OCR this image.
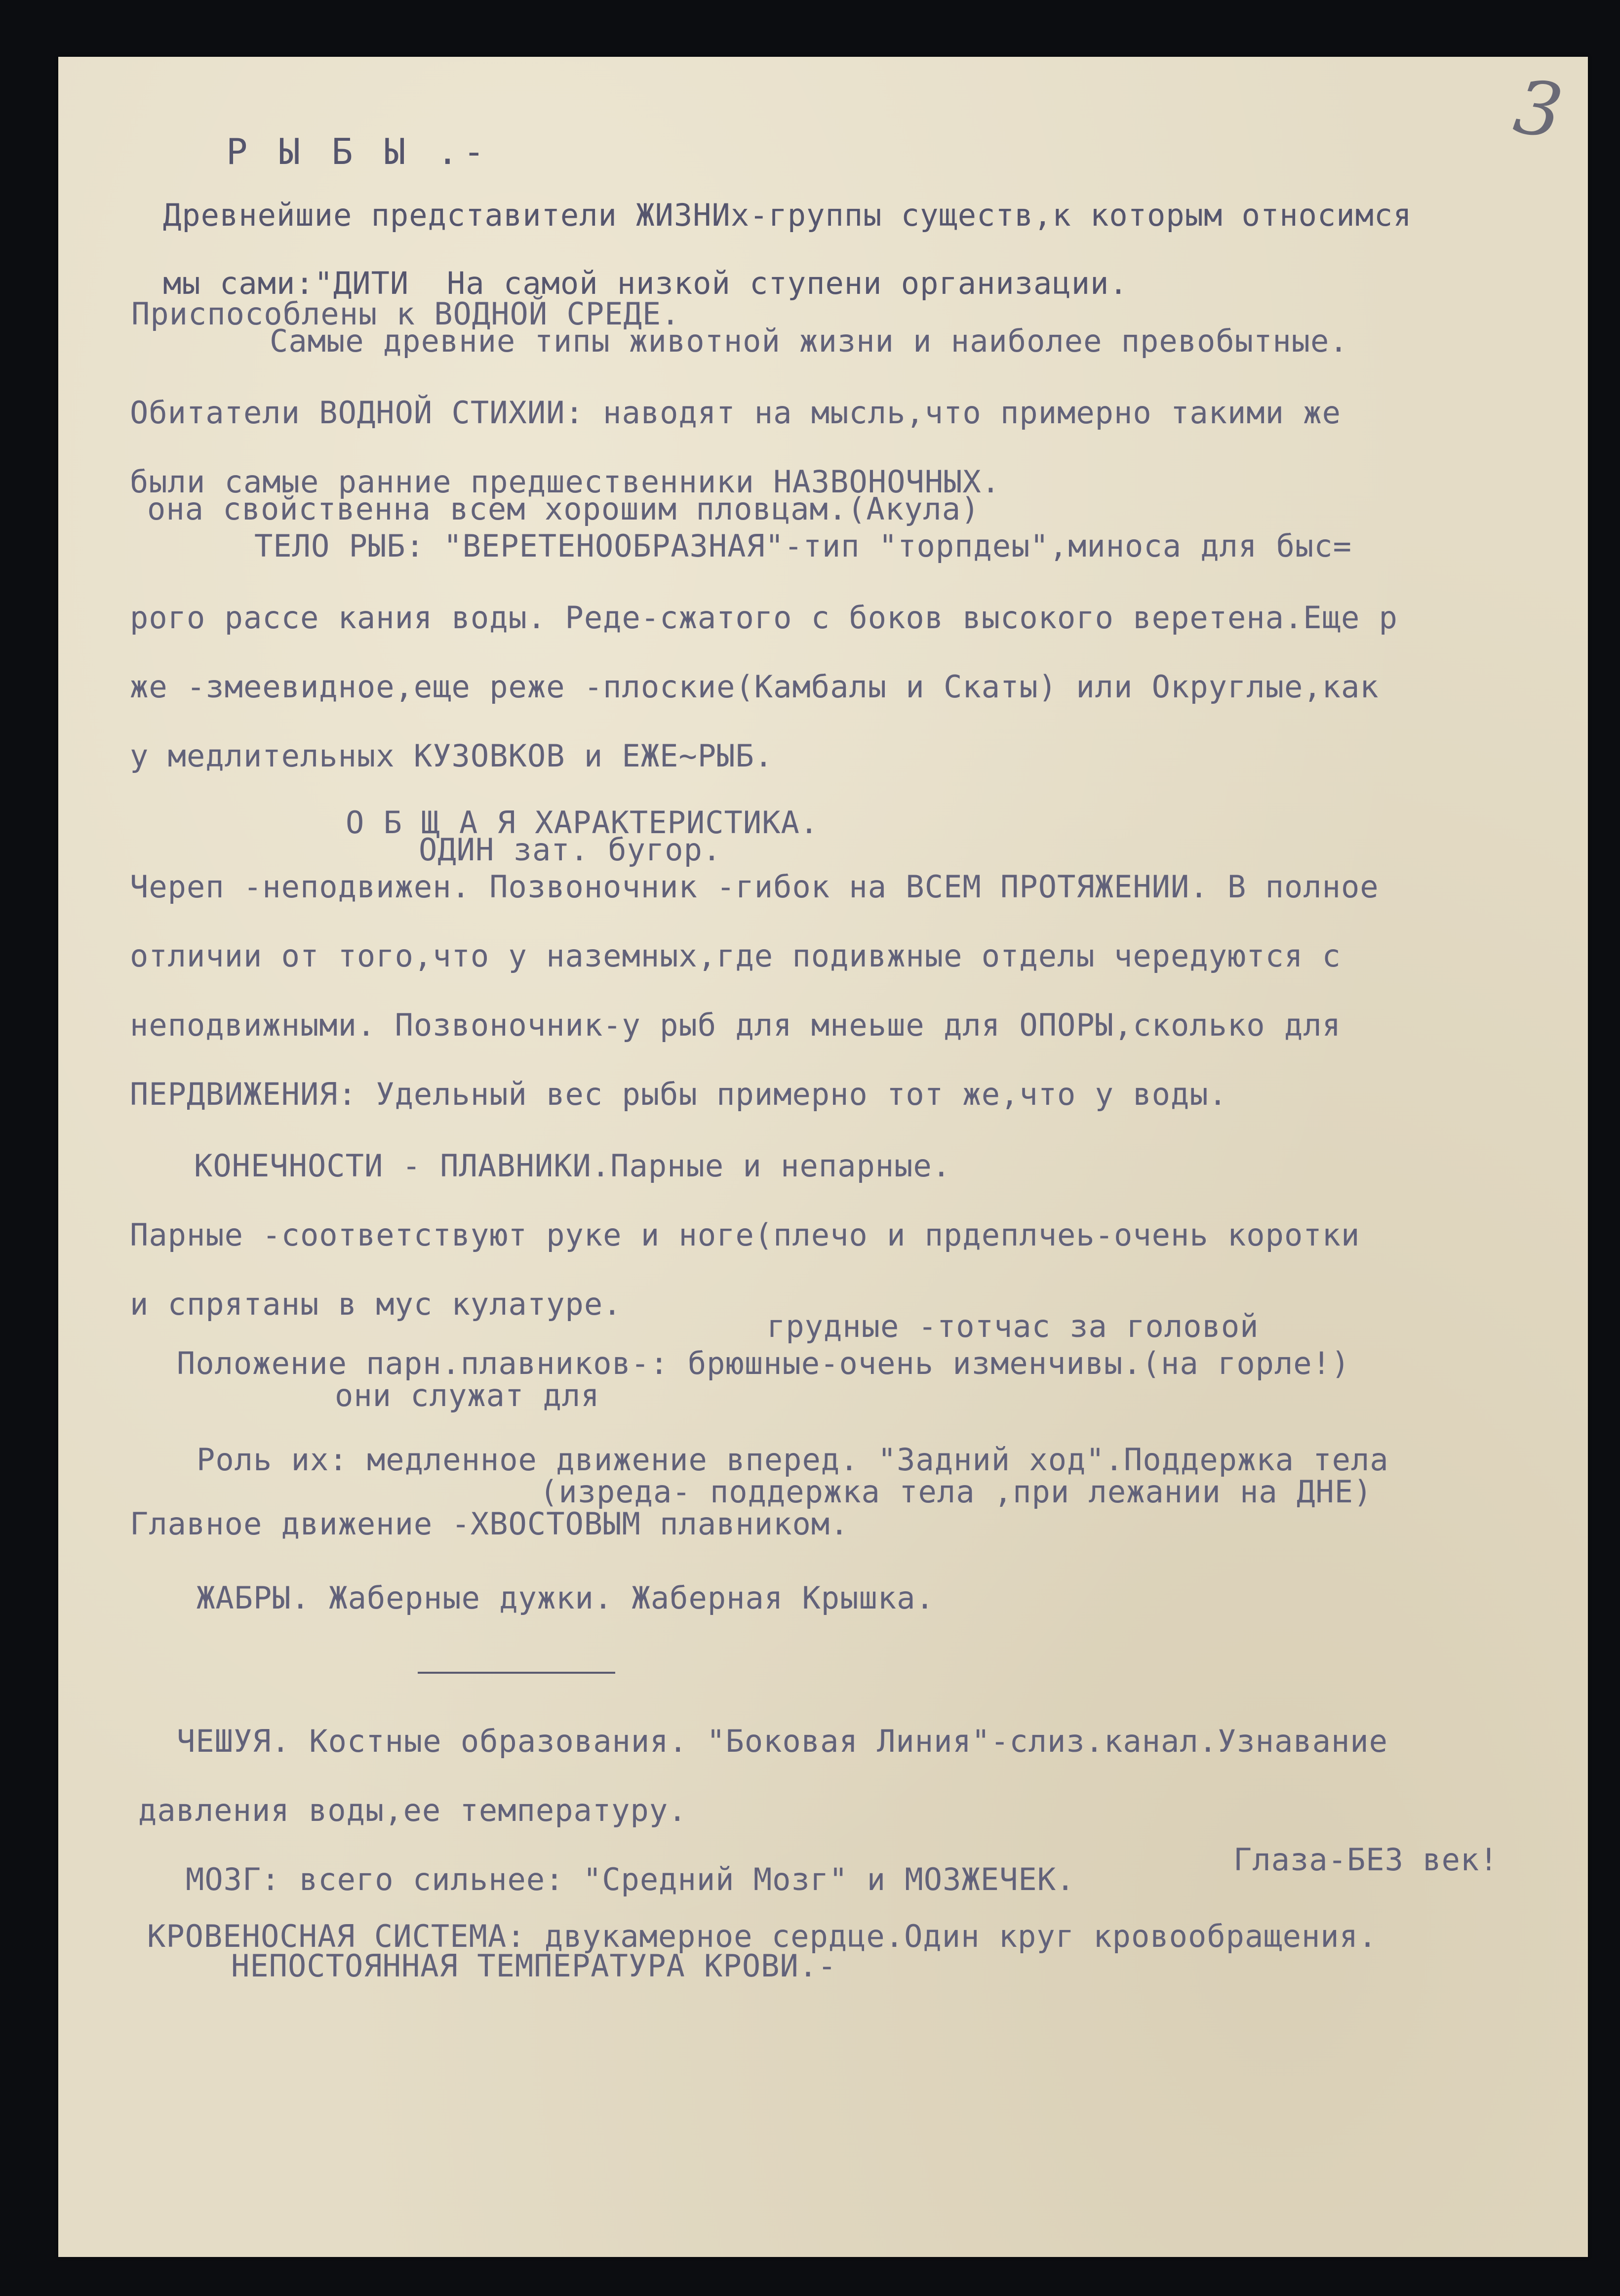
3
Р Ы Б Ы .-
Древнейшие представители ЖИЗНИх-группы существ,к которым относимся
мы сами:"ДИТИ  На самой низкой ступени организации.
Приспособлены к ВОДНОЙ СРЕДЕ.
Самые древние типы животной жизни и наиболее превобытные.
Обитатели ВОДНОЙ СТИХИИ: наводят на мысль,что примерно такими же
были самые ранние предшественники НАЗВОНОЧНЫХ.
она свойственна всем хорошим пловцам.(Акула)
ТЕЛО РЫБ: "ВЕРЕТЕНООБРАЗНАЯ"-тип "торпдеы",миноса для быс=
рого рассе кания воды. Реде-сжатого с боков высокого веретена.Еще р
же -змеевидное,еще реже -плоские(Камбалы и Скаты) или Округлые,как
у медлительных КУЗОВКОВ и ЕЖЕ~РЫБ.
О Б Щ А Я ХАРАКТЕРИСТИКА.
ОДИН зат. бугор.
Череп -неподвижен. Позвоночник -гибок на ВСЕМ ПРОТЯЖЕНИИ. В полное
отличии от того,что у наземных,где подивжные отделы чередуются с
неподвижными. Позвоночник-у рыб для мнеьше для ОПОРЫ,сколько для
ПЕРДВИЖЕНИЯ: Удельный вес рыбы примерно тот же,что у воды.
КОНЕЧНОСТИ - ПЛАВНИКИ.Парные и непарные.
Парные -соответствуют руке и ноге(плечо и прдеплчеь-очень коротки
и спрятаны в мус кулатуре.
грудные -тотчас за головой
Положение парн.плавников-: брюшные-очень изменчивы.(на горле!)
они служат для
Роль их: медленное движение вперед. "Задний ход".Поддержка тела
(изреда- поддержка тела ,при лежании на ДНЕ)
Главное движение -ХВОСТОВЫМ плавником.
ЖАБРЫ. Жаберные дужки. Жаберная Крышка.
ЧЕШУЯ. Костные образования. "Боковая Линия"-слиз.канал.Узнавание
давления воды,ее температуру.
МОЗГ: всего сильнее: "Средний Мозг" и МОЗЖЕЧЕК.
Глаза-БЕЗ век!
КРОВЕНОСНАЯ СИСТЕМА: двукамерное сердце.Один круг кровообращения.
НЕПОСТОЯННАЯ ТЕМПЕРАТУРА КРОВИ.-
